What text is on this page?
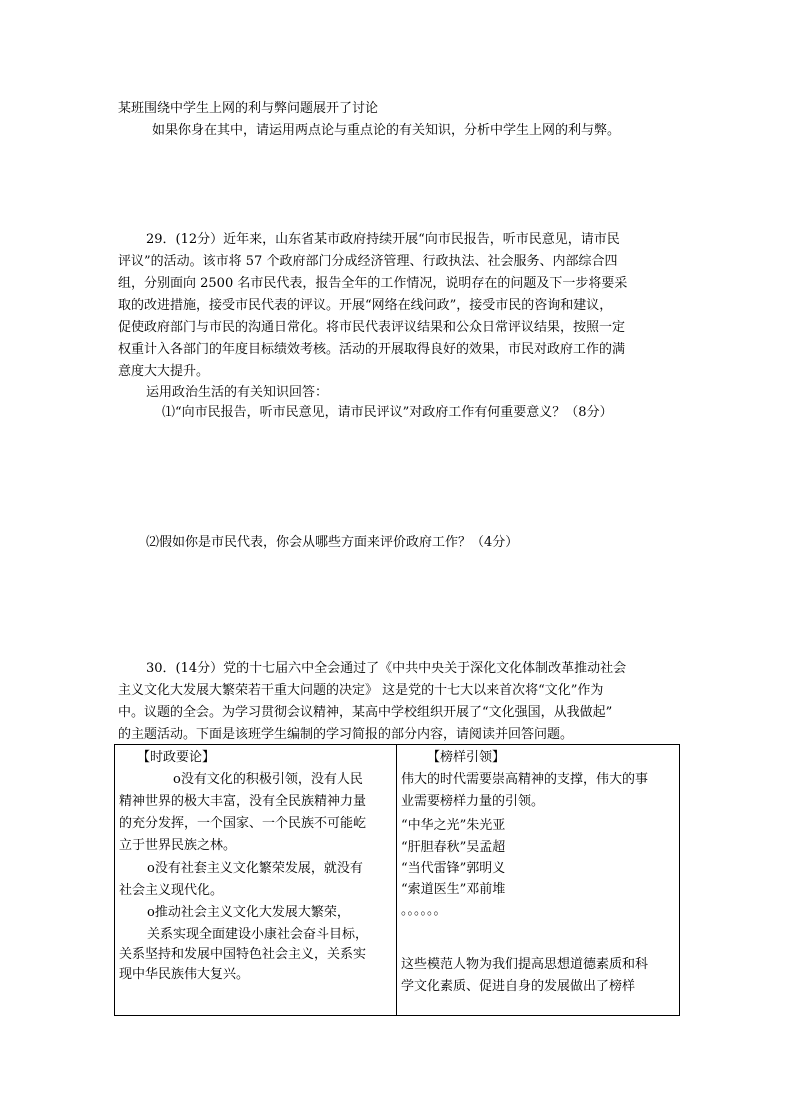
某班围绕中学生上网的利与弊问题展开了讨论
如果你身在其中，请运用两点论与重点论的有关知识，分析中学生上网的利与弊。
29．(12分）近年来，山东省某市政府持续开展“向市民报告，听市民意见，请市民
评议”的活动。该市将 57 个政府部门分成经济管理、行政执法、社会服务、内部综合四
组，分别面向 2500 名市民代表，报告全年的工作情况，说明存在的问题及下一步将要采
取的改进措施，接受市民代表的评议。开展“网络在线问政”，接受市民的咨询和建议，
促使政府部门与市民的沟通日常化。将市民代表评议结果和公众日常评议结果，按照一定
权重计入各部门的年度目标绩效考核。活动的开展取得良好的效果，市民对政府工作的满
意度大大提升。
运用政治生活的有关知识回答：
⑴“向市民报告，听市民意见，请市民评议”对政府工作有何重要意义？（8分）
⑵假如你是市民代表，你会从哪些方面来评价政府工作？（4分）
30．(14分）党的十七届六中全会通过了《中共中央关于深化文化体制改革推动社会
主义文化大发展大繁荣若干重大问题的决定》 这是党的十七大以来首次将“文化”作为
中。议题的全会。为学习贯彻会议精神，某高中学校组织开展了“文化强国，从我做起”
的主题活动。下面是该班学生编制的学习简报的部分内容，请阅读并回答问题。
【时政要论】
o没有文化的积极引领，没有人民
精神世界的极大丰富，没有全民族精神力量
的充分发挥，一个国家、一个民族不可能屹
立于世界民族之林。
o没有社套主义文化繁荣发展，就没有
社会主义现代化。
o推动社会主义文化大发展大繁荣，
关系实现全面建设小康社会奋斗目标，
关系坚持和发展中国特色社会主义，关系实
现中华民族伟大复兴。
【榜样引领】
伟大的时代需要崇高精神的支撑，伟大的事
业需要榜样力量的引领。
“中华之光”朱光亚
“肝胆春秋”吴孟超
“当代雷锋”郭明义
“索道医生”邓前堆
。。。。。。
这些模范人物为我们提高思想道德素质和科
学文化素质、促进自身的发展做出了榜样
